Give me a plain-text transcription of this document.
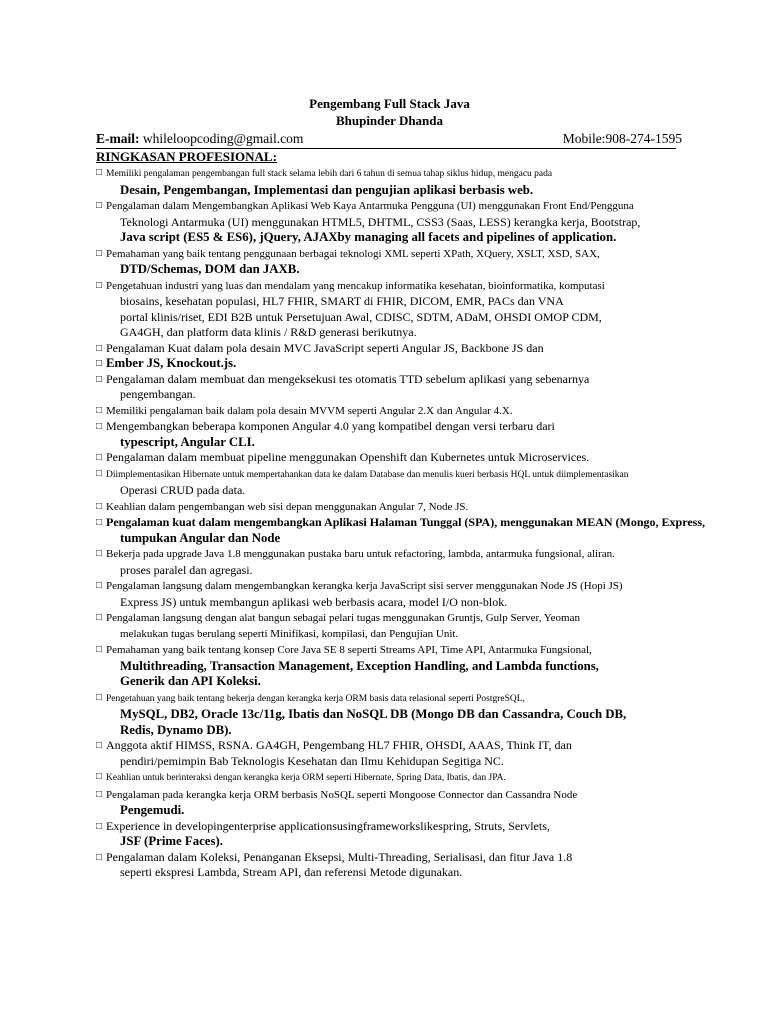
Pengembang Full Stack Java
Bhupinder Dhanda
E-mail: whileloopcoding@gmail.com	Mobile:908-274-1595
RINGKASAN PROFESIONAL:
□ Memiliki pengalaman pengembangan full stack selama lebih dari 6 tahun di semua tahap siklus hidup, mengacu pada
Desain, Pengembangan, Implementasi dan pengujian aplikasi berbasis web.
□ Pengalaman dalam Mengembangkan Aplikasi Web Kaya Antarmuka Pengguna (UI) menggunakan Front End/Pengguna
Teknologi Antarmuka (UI) menggunakan HTML5, DHTML, CSS3 (Saas, LESS) kerangka kerja, Bootstrap,
Java script (ES5 & ES6), jQuery, AJAXby managing all facets and pipelines of application.
□ Pemahaman yang baik tentang penggunaan berbagai teknologi XML seperti XPath, XQuery, XSLT, XSD, SAX,
DTD/Schemas, DOM dan JAXB.
□ Pengetahuan industri yang luas dan mendalam yang mencakup informatika kesehatan, bioinformatika, komputasi
biosains, kesehatan populasi, HL7 FHIR, SMART di FHIR, DICOM, EMR, PACs dan VNA
portal klinis/riset, EDI B2B untuk Persetujuan Awal, CDISC, SDTM, ADaM, OHSDI OMOP CDM,
GA4GH, dan platform data klinis / R&D generasi berikutnya.
□ Pengalaman Kuat dalam pola desain MVC JavaScript seperti Angular JS, Backbone JS dan
□ Ember JS, Knockout.js.
□ Pengalaman dalam membuat dan mengeksekusi tes otomatis TTD sebelum aplikasi yang sebenarnya
pengembangan.
□ Memiliki pengalaman baik dalam pola desain MVVM seperti Angular 2.X dan Angular 4.X.
□ Mengembangkan beberapa komponen Angular 4.0 yang kompatibel dengan versi terbaru dari
typescript, Angular CLI.
□ Pengalaman dalam membuat pipeline menggunakan Openshift dan Kubernetes untuk Microservices.
□ Diimplementasikan Hibernate untuk mempertahankan data ke dalam Database dan menulis kueri berbasis HQL untuk diimplementasikan
Operasi CRUD pada data.
□ Keahlian dalam pengembangan web sisi depan menggunakan Angular 7, Node JS.
□ Pengalaman kuat dalam mengembangkan Aplikasi Halaman Tunggal (SPA), menggunakan MEAN (Mongo, Express,
tumpukan Angular dan Node
□ Bekerja pada upgrade Java 1.8 menggunakan pustaka baru untuk refactoring, lambda, antarmuka fungsional, aliran.
proses paralel dan agregasi.
□ Pengalaman langsung dalam mengembangkan kerangka kerja JavaScript sisi server menggunakan Node JS (Hopi JS)
Express JS) untuk membangun aplikasi web berbasis acara, model I/O non-blok.
□ Pengalaman langsung dengan alat bangun sebagai pelari tugas menggunakan Gruntjs, Gulp Server, Yeoman
melakukan tugas berulang seperti Minifikasi, kompilasi, dan Pengujian Unit.
□ Pemahaman yang baik tentang konsep Core Java SE 8 seperti Streams API, Time API, Antarmuka Fungsional,
Multithreading, Transaction Management, Exception Handling, and Lambda functions,
Generik dan API Koleksi.
□ Pengetahuan yang baik tentang bekerja dengan kerangka kerja ORM basis data relasional seperti PostgreSQL,
MySQL, DB2, Oracle 13c/11g, Ibatis dan NoSQL DB (Mongo DB dan Cassandra, Couch DB,
Redis, Dynamo DB).
□ Anggota aktif HIMSS, RSNA. GA4GH, Pengembang HL7 FHIR, OHSDI, AAAS, Think IT, dan
pendiri/pemimpin Bab Teknologis Kesehatan dan Ilmu Kehidupan Segitiga NC.
□ Keahlian untuk berinteraksi dengan kerangka kerja ORM seperti Hibernate, Spring Data, Ibatis, dan JPA.
□ Pengalaman pada kerangka kerja ORM berbasis NoSQL seperti Mongoose Connector dan Cassandra Node
Pengemudi.
□ Experience in developingenterprise applicationsusingframeworkslikespring, Struts, Servlets,
JSF (Prime Faces).
□ Pengalaman dalam Koleksi, Penanganan Eksepsi, Multi-Threading, Serialisasi, dan fitur Java 1.8
seperti ekspresi Lambda, Stream API, dan referensi Metode digunakan.
